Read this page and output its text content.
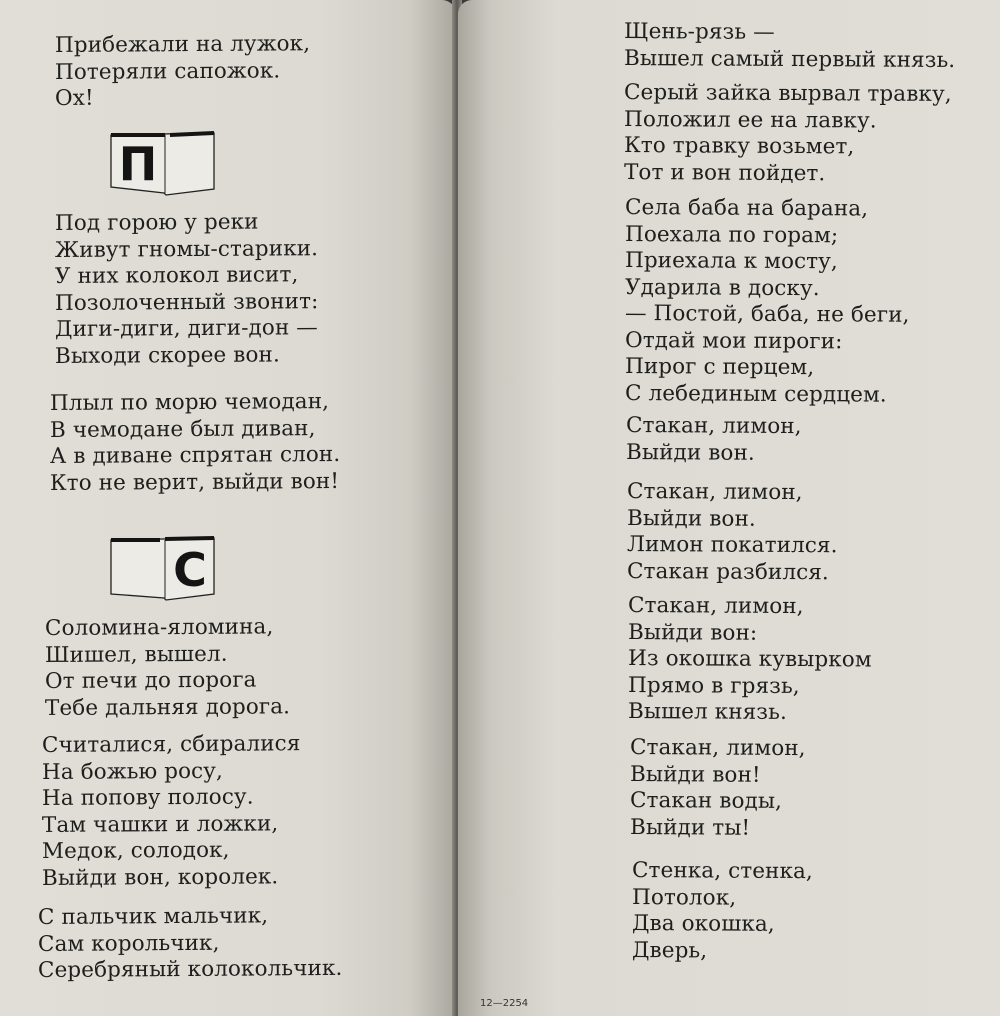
Прибежали на лужок,
Потеряли сапожок.
Ох!
П
Под горою у реки
Живут гномы-старики.
У них колокол висит,
Позолоченный звонит:
Диги-диги, диги-дон —
Выходи скорее вон.
Плыл по морю чемодан,
В чемодане был диван,
А в диване спрятан слон.
Кто не верит, выйди вон!
С
Соломина-яломина,
Шишел, вышел.
От печи до порога
Тебе дальняя дорога.
Считалися, сбиралися
На божью росу,
На попову полосу.
Там чашки и ложки,
Медок, солодок,
Выйди вон, королек.
С пальчик мальчик,
Сам корольчик,
Серебряный колокольчик.
Щень-рязь —
Вышел самый первый князь.
Серый зайка вырвал травку,
Положил ее на лавку.
Кто травку возьмет,
Тот и вон пойдет.
Села баба на барана,
Поехала по горам;
Приехала к мосту,
Ударила в доску.
— Постой, баба, не беги,
Отдай мои пироги:
Пирог с перцем,
С лебединым сердцем.
Стакан, лимон,
Выйди вон.
Стакан, лимон,
Выйди вон.
Лимон покатился.
Стакан разбился.
Стакан, лимон,
Выйди вон:
Из окошка кувырком
Прямо в грязь,
Вышел князь.
Стакан, лимон,
Выйди вон!
Стакан воды,
Выйди ты!
Стенка, стенка,
Потолок,
Два окошка,
Дверь,
12—2254
